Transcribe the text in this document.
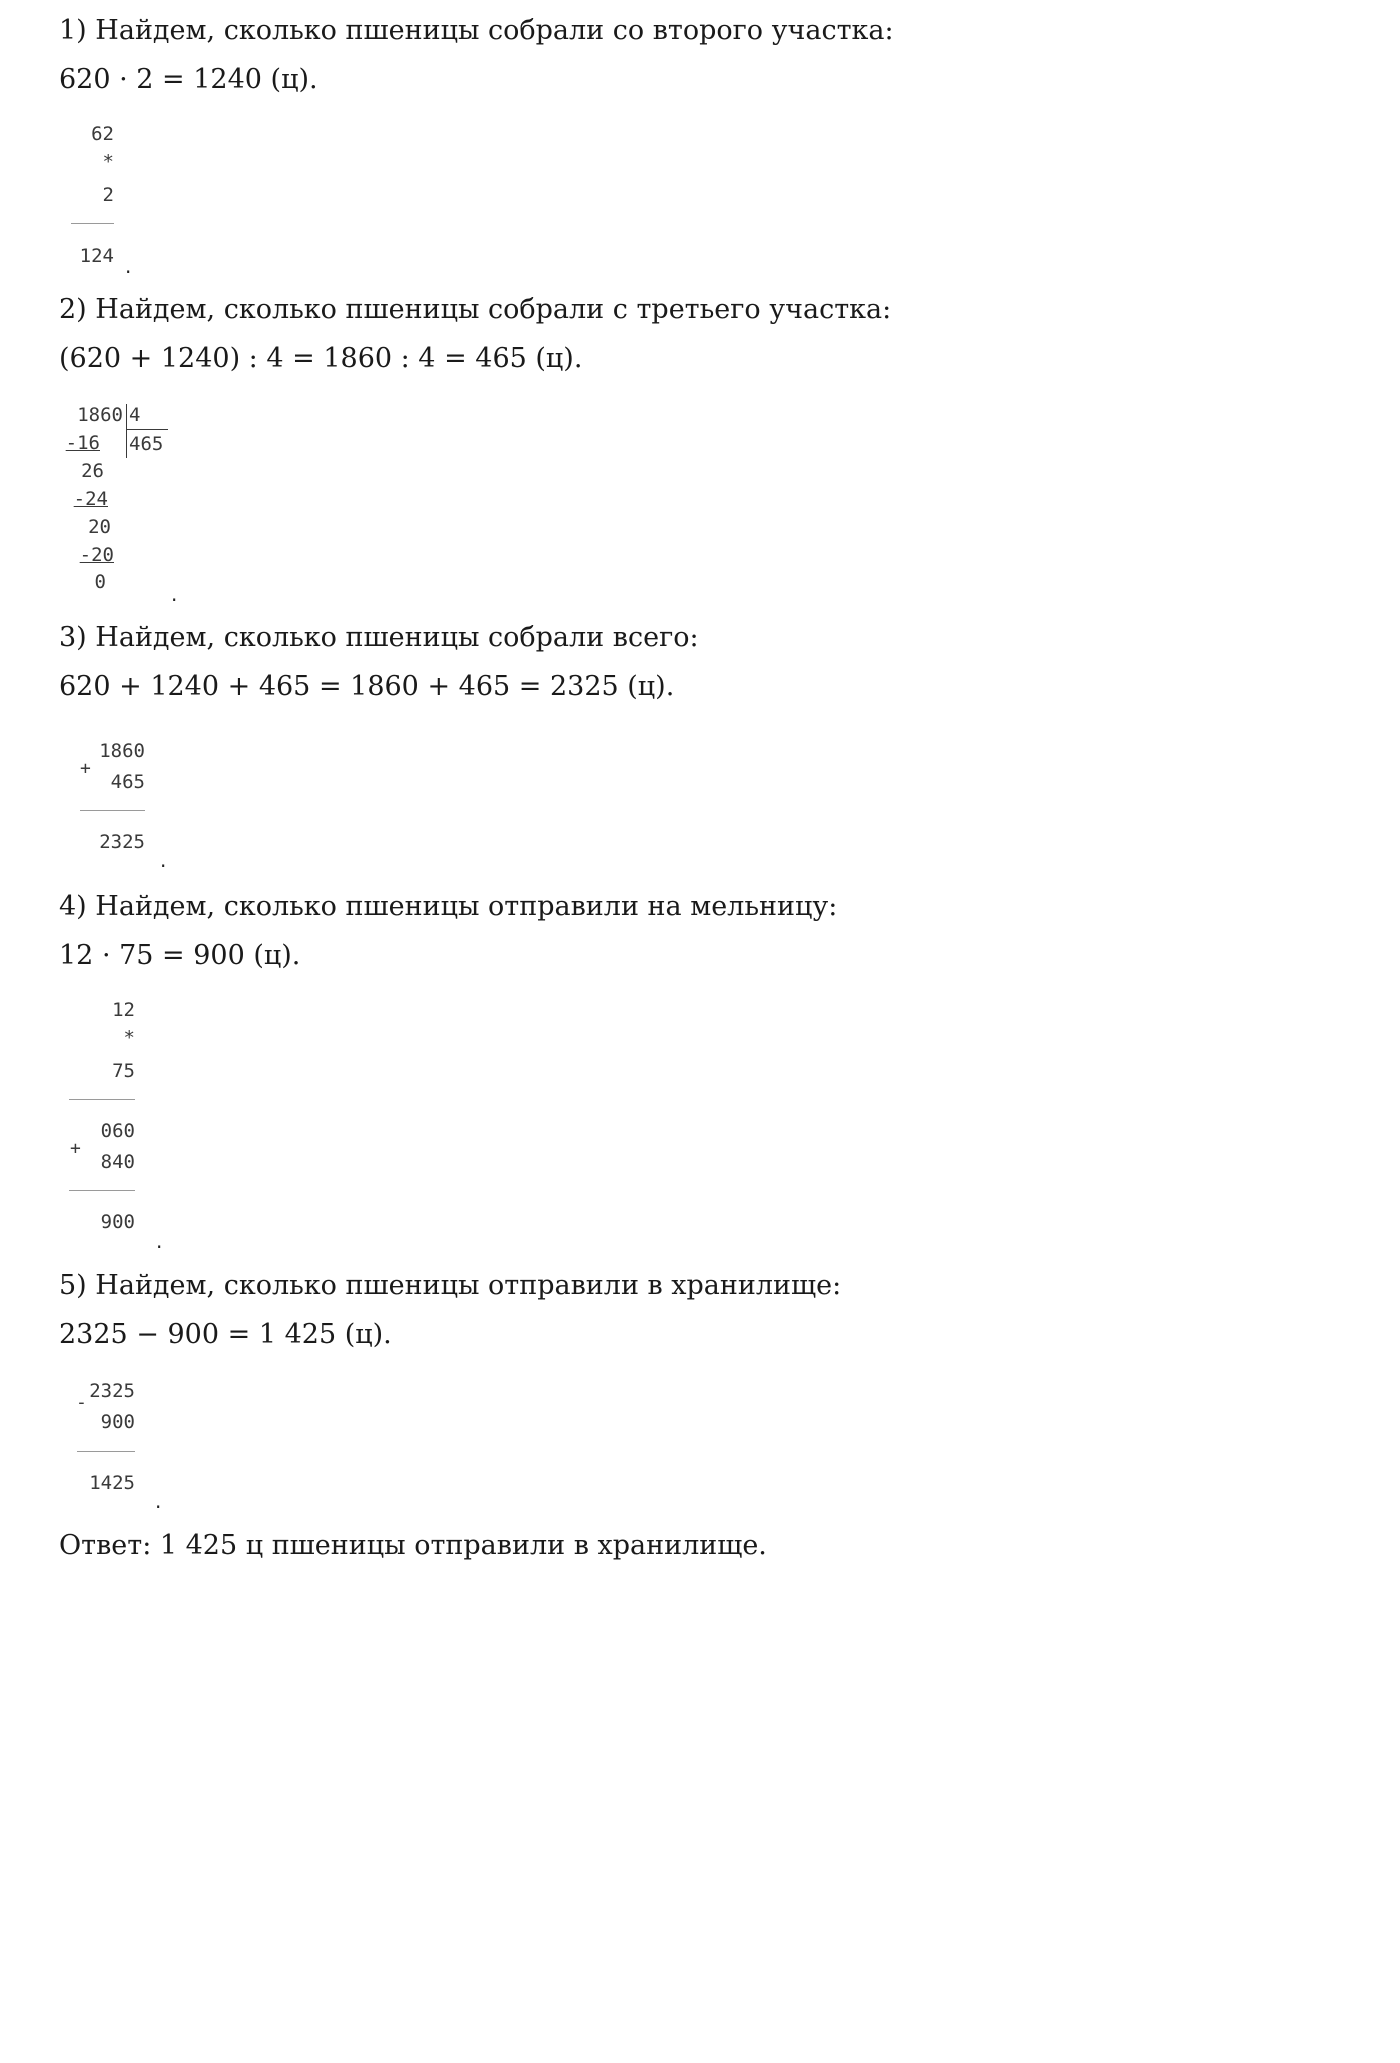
1) Найдем, сколько пшеницы собрали со второго участка:

620 · 2 = 1240 (ц).

62
*
2
124 .
2) Найдем, сколько пшеницы собрали с третьего участка:

(620 + 1240) : 4 = 1860 : 4 = 465 (ц).

1860 4
465
-16
26
-24
20
-20
0	.
3) Найдем, сколько пшеницы собрали всего:

620 + 1240 + 465 = 1860 + 465 = 2325 (ц).

+
1860
465
2325
.
4) Найдем, сколько пшеницы отправили на мельницу:

12 · 75 = 900 (ц).

12
*
75
+
060
840
900
.
5) Найдем, сколько пшеницы отправили в хранилище:

2325 − 900 = 1 425 (ц).

-
2325
900
1425
.

Ответ: 1 425 ц пшеницы отправили в хранилище.
